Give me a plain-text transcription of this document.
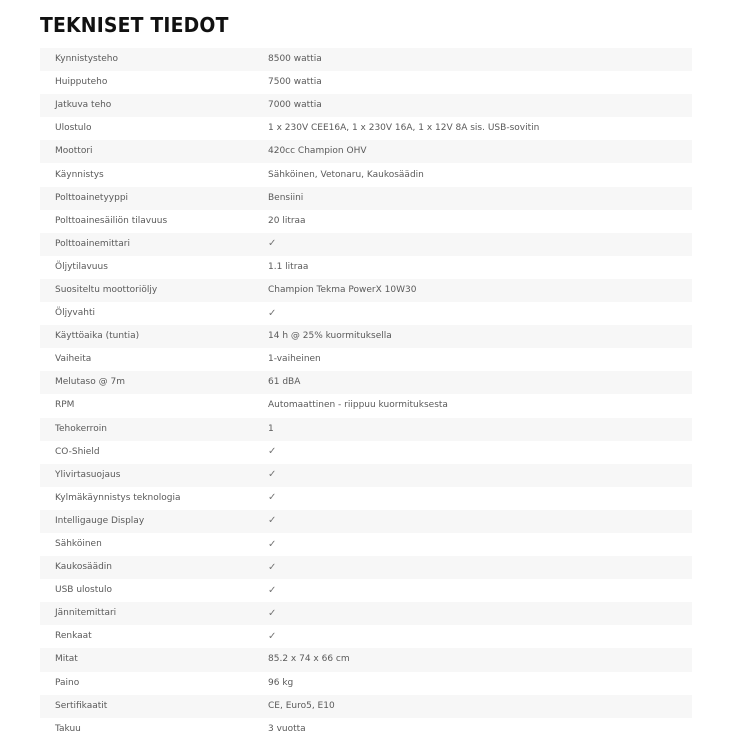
TEKNISET TIEDOT
Kynnistysteho	8500 wattia
Huipputeho	7500 wattia
Jatkuva teho	7000 wattia
Ulostulo	1 x 230V CEE16A, 1 x 230V 16A, 1 x 12V 8A sis. USB-sovitin
Moottori	420cc Champion OHV
Käynnistys	Sähköinen, Vetonaru, Kaukosäädin
Polttoainetyyppi	Bensiini
Polttoainesäiliön tilavuus	20 litraa
Polttoainemittari	✓
Öljytilavuus	1.1 litraa
Suositeltu moottoriöljy	Champion Tekma PowerX 10W30
Öljyvahti	✓
Käyttöaika (tuntia)	14 h @ 25% kuormituksella
Vaiheita	1-vaiheinen
Melutaso @ 7m	61 dBA
RPM	Automaattinen - riippuu kuormituksesta
Tehokerroin	1
CO-Shield	✓
Ylivirtasuojaus	✓
Kylmäkäynnistys teknologia	✓
Intelligauge Display	✓
Sähköinen	✓
Kaukosäädin	✓
USB ulostulo	✓
Jännitemittari	✓
Renkaat	✓
Mitat	85.2 x 74 x 66 cm
Paino	96 kg
Sertifikaatit	CE, Euro5, E10
Takuu	3 vuotta
